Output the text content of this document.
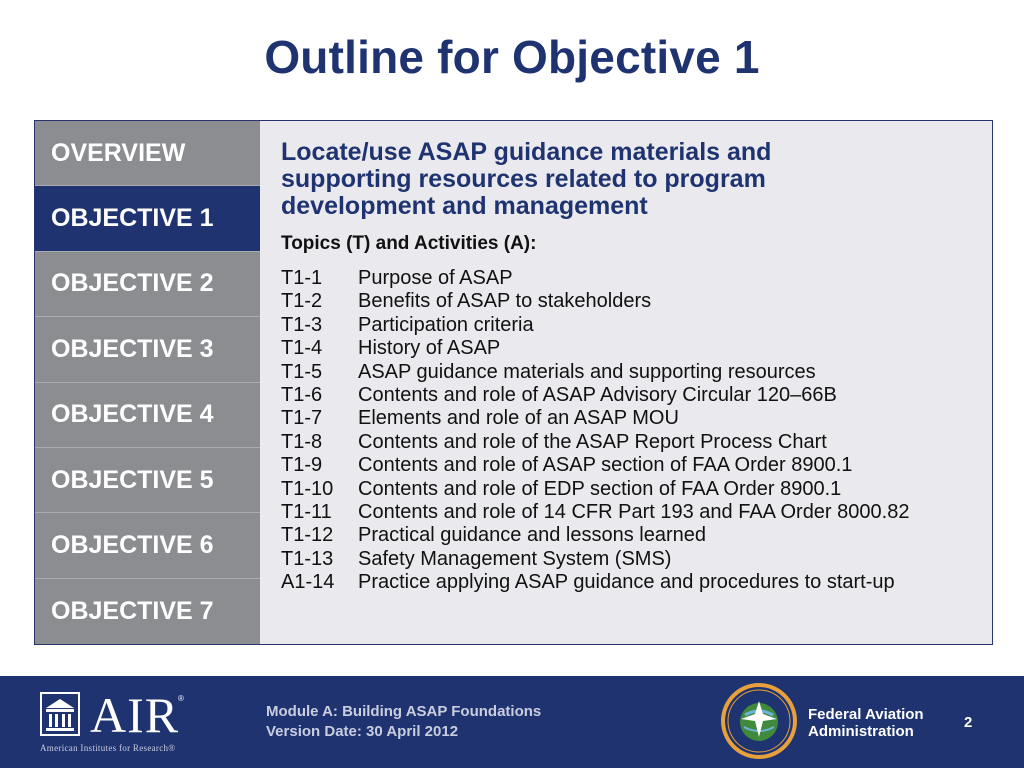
Outline for Objective 1
OVERVIEW
OBJECTIVE 1
OBJECTIVE 2
OBJECTIVE 3
OBJECTIVE 4
OBJECTIVE 5
OBJECTIVE 6
OBJECTIVE 7
Locate/use ASAP guidance materials and supporting resources related to program development and management
Topics (T) and Activities (A):
T1-1	Purpose of ASAP
T1-2	Benefits of ASAP to stakeholders
T1-3	Participation criteria
T1-4	History of ASAP
T1-5	ASAP guidance materials and supporting resources
T1-6	Contents and role of ASAP Advisory Circular 120–66B
T1-7	Elements and role of an ASAP MOU
T1-8	Contents and role of the ASAP Report Process Chart
T1-9	Contents and role of ASAP section of FAA Order 8900.1
T1-10	Contents and role of EDP section of FAA Order 8900.1
T1-11	Contents and role of 14 CFR Part 193 and FAA Order 8000.82
T1-12	Practical guidance and lessons learned
T1-13	Safety Management System (SMS)
A1-14	Practice applying ASAP guidance and procedures to start-up
AIR
®
American Institutes for Research®
Module A: Building ASAP Foundations
Version Date: 30 April 2012
Federal Aviation
Administration
2
